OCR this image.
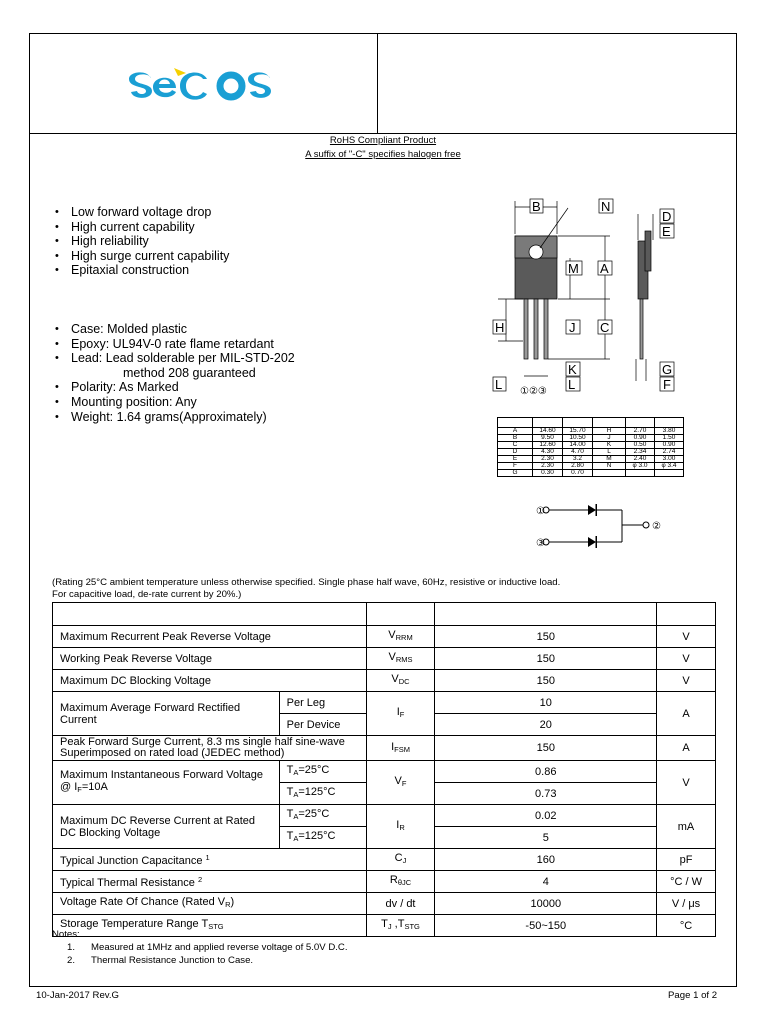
RoHS Compliant Product
A suffix of "-C" specifies halogen free
• Low forward voltage drop
• High current capability
• High reliability
• High surge current capability
• Epitaxial construction
• Case: Molded plastic
• Epoxy: UL94V-0 rate flame retardant
• Lead: Lead solderable per MIL-STD-202
method 208 guaranteed
• Polarity: As Marked
• Mounting position: Any
• Weight: 1.64 grams(Approximately)
B	N
D
E
M A
H	J C
K
L	L
G
F
①②③

A	14.60	15.70	H	2.70	3.80
B	9.50	10.50	J	0.90	1.50
C	12.60	14.00	K	0.50	0.90
D	4.30	4.70	L	2.34	2.74
E	2.30	3.2	M	2.40	3.00
F	2.30	2.80	N	φ 3.0	φ 3.4
G	0.30	0.70			
①
③
②
(Rating 25°C ambient temperature unless otherwise specified. Single phase half wave, 60Hz, resistive or inductive load.
For capacitive load, de-rate current by 20%.)

Maximum Recurrent Peak Reverse Voltage		$V_{RRM}$	150	V
Working Peak Reverse Voltage		$V_{RMS}$	150	V
Maximum DC Blocking Voltage		$V_{DC}$	150	V
Maximum Average Forward Rectified Current	Per Leg	$I_F$	10	A
	Per Device		20	
Peak Forward Surge Current, 8.3 ms single half sine-wave Superimposed on rated load (JEDEC method)		$I_{FSM}$	150	A
Maximum Instantaneous Forward Voltage
@ $I_F=10A$	$T_A=25^\circ C$	$V_F$	0.86	V
	$T_A=125^\circ C$		0.73	
Maximum DC Reverse Current at Rated DC Blocking Voltage	$T_A=25^\circ C$	$I_R$	0.02	mA
	$T_A=125^\circ C$		5	
Typical Junction Capacitance $^1$		$C_J$	160	pF
Typical Thermal Resistance $^2$		$R_{\theta JC}$	4	°C / W
Voltage Rate Of Chance (Rated $V_R$)		dv / dt	10000	V / μs
Storage Temperature Range $T_{STG}$		$T_J$ $,T_{STG}$	-50~150	°C
Notes:
1. Measured at 1MHz and applied reverse voltage of 5.0V D.C.
2. Thermal Resistance Junction to Case.
10-Jan-2017 Rev.G	Page 1 of 2
